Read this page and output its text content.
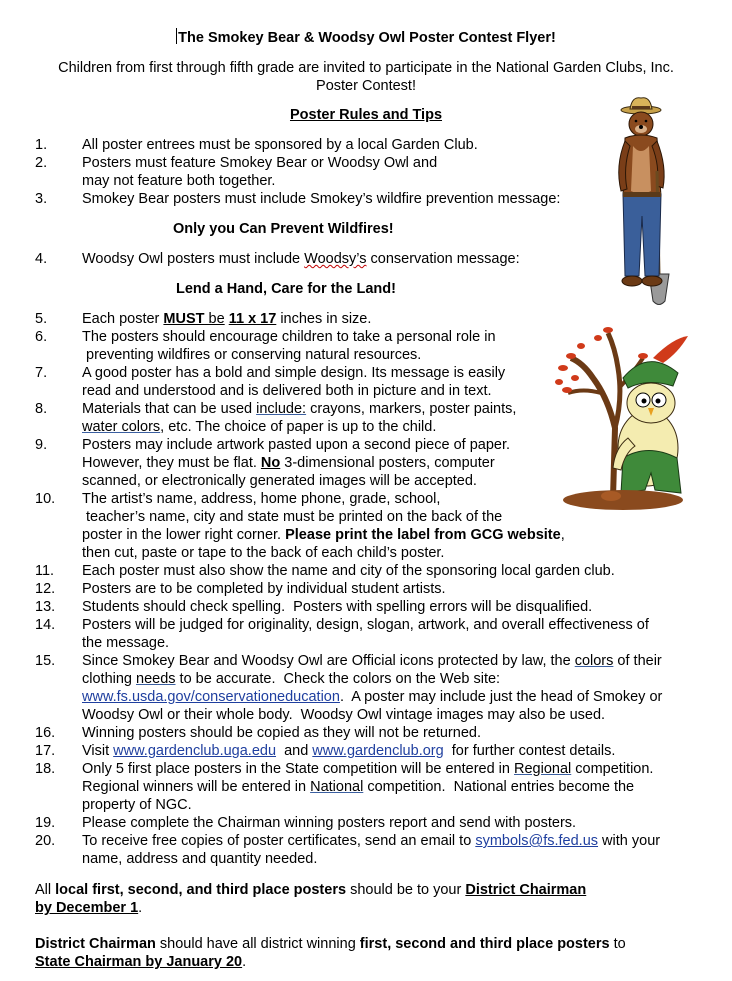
The Smokey Bear & Woodsy Owl Poster Contest Flyer!
Children from first through fifth grade are invited to participate in the National Garden Clubs, Inc.
Poster Contest!
Poster Rules and Tips
1. All poster entrees must be sponsored by a local Garden Club.
2. Posters must feature Smokey Bear or Woodsy Owl and
may not feature both together.
3. Smokey Bear posters must include Smokey’s wildfire prevention message:
Only you Can Prevent Wildfires!
4. Woodsy Owl posters must include Woodsy’s conservation message:
Lend a Hand, Care for the Land!
5. Each poster MUST be 11 x 17 inches in size.
6. The posters should encourage children to take a personal role in
preventing wildfires or conserving natural resources.
7. A good poster has a bold and simple design. Its message is easily
read and understood and is delivered both in picture and in text.
8. Materials that can be used include: crayons, markers, poster paints,
water colors, etc. The choice of paper is up to the child.
9. Posters may include artwork pasted upon a second piece of paper.
However, they must be flat. No 3-dimensional posters, computer
scanned, or electronically generated images will be accepted.
10. The artist’s name, address, home phone, grade, school,
teacher’s name, city and state must be printed on the back of the
poster in the lower right corner. Please print the label from GCG website,
then cut, paste or tape to the back of each child’s poster.
11. Each poster must also show the name and city of the sponsoring local garden club.
12. Posters are to be completed by individual student artists.
13. Students should check spelling.  Posters with spelling errors will be disqualified.
14. Posters will be judged for originality, design, slogan, artwork, and overall effectiveness of
the message.
15. Since Smokey Bear and Woodsy Owl are Official icons protected by law, the colors of their
clothing needs to be accurate.  Check the colors on the Web site:
www.fs.usda.gov/conservationeducation.  A poster may include just the head of Smokey or
Woodsy Owl or their whole body.  Woodsy Owl vintage images may also be used.
16. Winning posters should be copied as they will not be returned.
17. Visit www.gardenclub.uga.edu  and www.gardenclub.org  for further contest details.
18. Only 5 first place posters in the State competition will be entered in Regional competition.
Regional winners will be entered in National competition.  National entries become the
property of NGC.
19. Please complete the Chairman winning posters report and send with posters.
20. To receive free copies of poster certificates, send an email to symbols@fs.fed.us with your
name, address and quantity needed.
All local first, second, and third place posters should be to your District Chairman
by December 1.
District Chairman should have all district winning first, second and third place posters to
State Chairman by January 20.
